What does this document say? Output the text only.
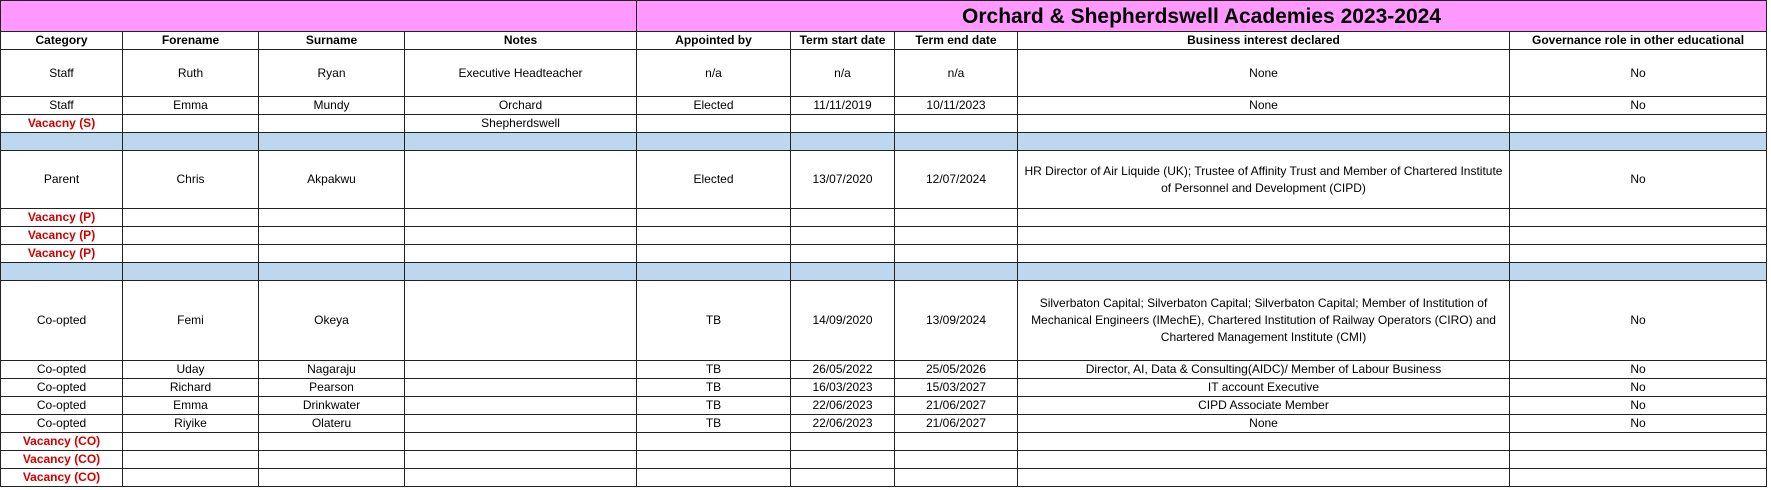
				Orchard & Shepherdswell Academies 2023-2024				
Category	Forename	Surname	Notes	Appointed by	Term start date	Term end date	Business interest declared	Governance role in other educational
Staff	Ruth	Ryan	Executive Headteacher	n/a	n/a	n/a	None	No
Staff	Emma	Mundy	Orchard	Elected	11/11/2019	10/11/2023	None	No
Vacacny (S)			Shepherdswell					

Parent	Chris	Akpakwu		Elected	13/07/2020	12/07/2024	HR Director of Air Liquide (UK); Trustee of Affinity Trust and Member of Chartered Institute of Personnel and Development (CIPD)	No
Vacancy (P)								
Vacancy (P)								
Vacancy (P)								

Co-opted	Femi	Okeya		TB	14/09/2020	13/09/2024	Silverbaton Capital; Silverbaton Capital; Silverbaton Capital; Member of Institution of Mechanical Engineers (IMechE), Chartered Institution of Railway Operators (CIRO) and Chartered Management Institute (CMI)	No
Co-opted	Uday	Nagaraju		TB	26/05/2022	25/05/2026	Director, AI, Data & Consulting(AIDC)/ Member of Labour Business	No
Co-opted	Richard	Pearson		TB	16/03/2023	15/03/2027	IT account Executive	No
Co-opted	Emma	Drinkwater		TB	22/06/2023	21/06/2027	CIPD Associate Member	No
Co-opted	Riyike	Olateru		TB	22/06/2023	21/06/2027	None	No
Vacancy (CO)								
Vacancy (CO)								
Vacancy (CO)								
